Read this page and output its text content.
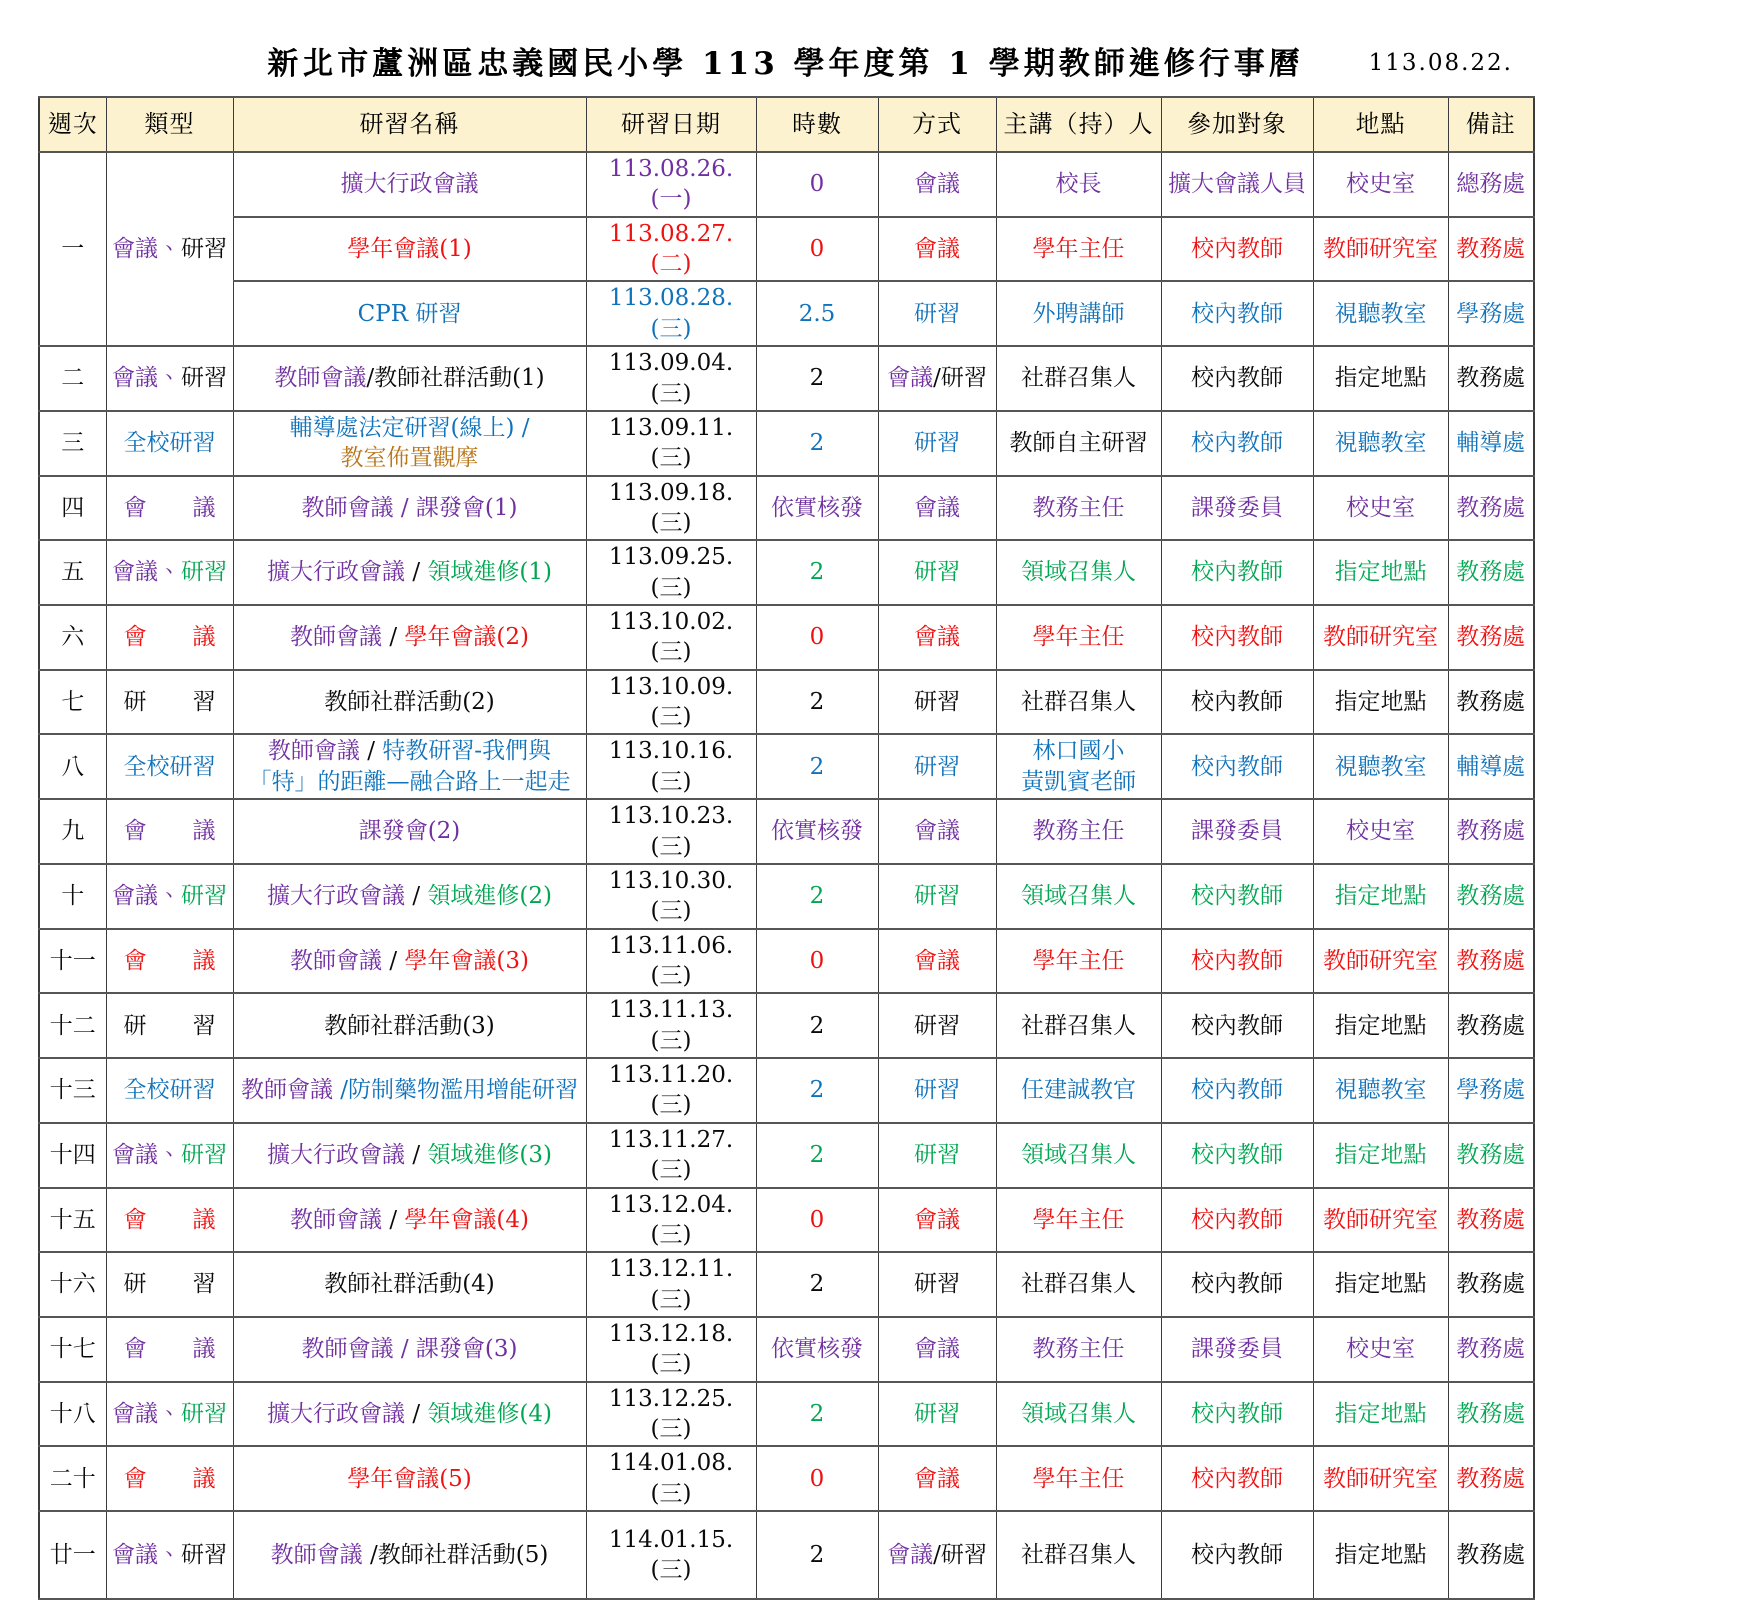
新北市蘆洲區忠義國民小學 113 學年度第 1 學期教師進修行事曆	113.08.22.
週次	類型	研習名稱	研習日期	時數	方式	主講（持）人	參加對象	地點	備註
一	會議、研習	擴大行政會議	113.08.26.(一)	0	會議	校長	擴大會議人員	校史室	總務處
		學年會議(1)	113.08.27.(二)	0	會議	學年主任	校內教師	教師研究室	教務處
		CPR 研習	113.08.28.(三)	2.5	研習	外聘講師	校內教師	視聽教室	學務處
二	會議、研習	教師會議/教師社群活動(1)	113.09.04.(三)	2	會議/研習	社群召集人	校內教師	指定地點	教務處
三	全校研習	輔導處法定研習(線上) /
教室佈置觀摩	113.09.11.(三)	2	研習	教師自主研習	校內教師	視聽教室	輔導處
四	會　　議	教師會議 / 課發會(1)	113.09.18.(三)	依實核發	會議	教務主任	課發委員	校史室	教務處
五	會議、研習	擴大行政會議 / 領域進修(1)	113.09.25.(三)	2	研習	領域召集人	校內教師	指定地點	教務處
六	會　　議	教師會議 / 學年會議(2)	113.10.02.(三)	0	會議	學年主任	校內教師	教師研究室	教務處
七	研　　習	教師社群活動(2)	113.10.09.(三)	2	研習	社群召集人	校內教師	指定地點	教務處
八	全校研習	教師會議 / 特教研習-我們與
「特」的距離—融合路上一起走	113.10.16.(三)	2	研習	林口國小
黃凱賓老師	校內教師	視聽教室	輔導處
九	會　　議	課發會(2)	113.10.23.(三)	依實核發	會議	教務主任	課發委員	校史室	教務處
十	會議、研習	擴大行政會議 / 領域進修(2)	113.10.30.(三)	2	研習	領域召集人	校內教師	指定地點	教務處
十一	會　　議	教師會議 / 學年會議(3)	113.11.06.(三)	0	會議	學年主任	校內教師	教師研究室	教務處
十二	研　　習	教師社群活動(3)	113.11.13.(三)	2	研習	社群召集人	校內教師	指定地點	教務處
十三	全校研習	教師會議 /防制藥物濫用增能研習	113.11.20.(三)	2	研習	任建誠教官	校內教師	視聽教室	學務處
十四	會議、研習	擴大行政會議 / 領域進修(3)	113.11.27.(三)	2	研習	領域召集人	校內教師	指定地點	教務處
十五	會　　議	教師會議 / 學年會議(4)	113.12.04.(三)	0	會議	學年主任	校內教師	教師研究室	教務處
十六	研　　習	教師社群活動(4)	113.12.11.(三)	2	研習	社群召集人	校內教師	指定地點	教務處
十七	會　　議	教師會議 / 課發會(3)	113.12.18.(三)	依實核發	會議	教務主任	課發委員	校史室	教務處
十八	會議、研習	擴大行政會議 / 領域進修(4)	113.12.25.(三)	2	研習	領域召集人	校內教師	指定地點	教務處
二十	會　　議	學年會議(5)	114.01.08.(三)	0	會議	學年主任	校內教師	教師研究室	教務處
廿一	會議、研習	教師會議 /教師社群活動(5)	114.01.15.(三)	2	會議/研習	社群召集人	校內教師	指定地點	教務處
